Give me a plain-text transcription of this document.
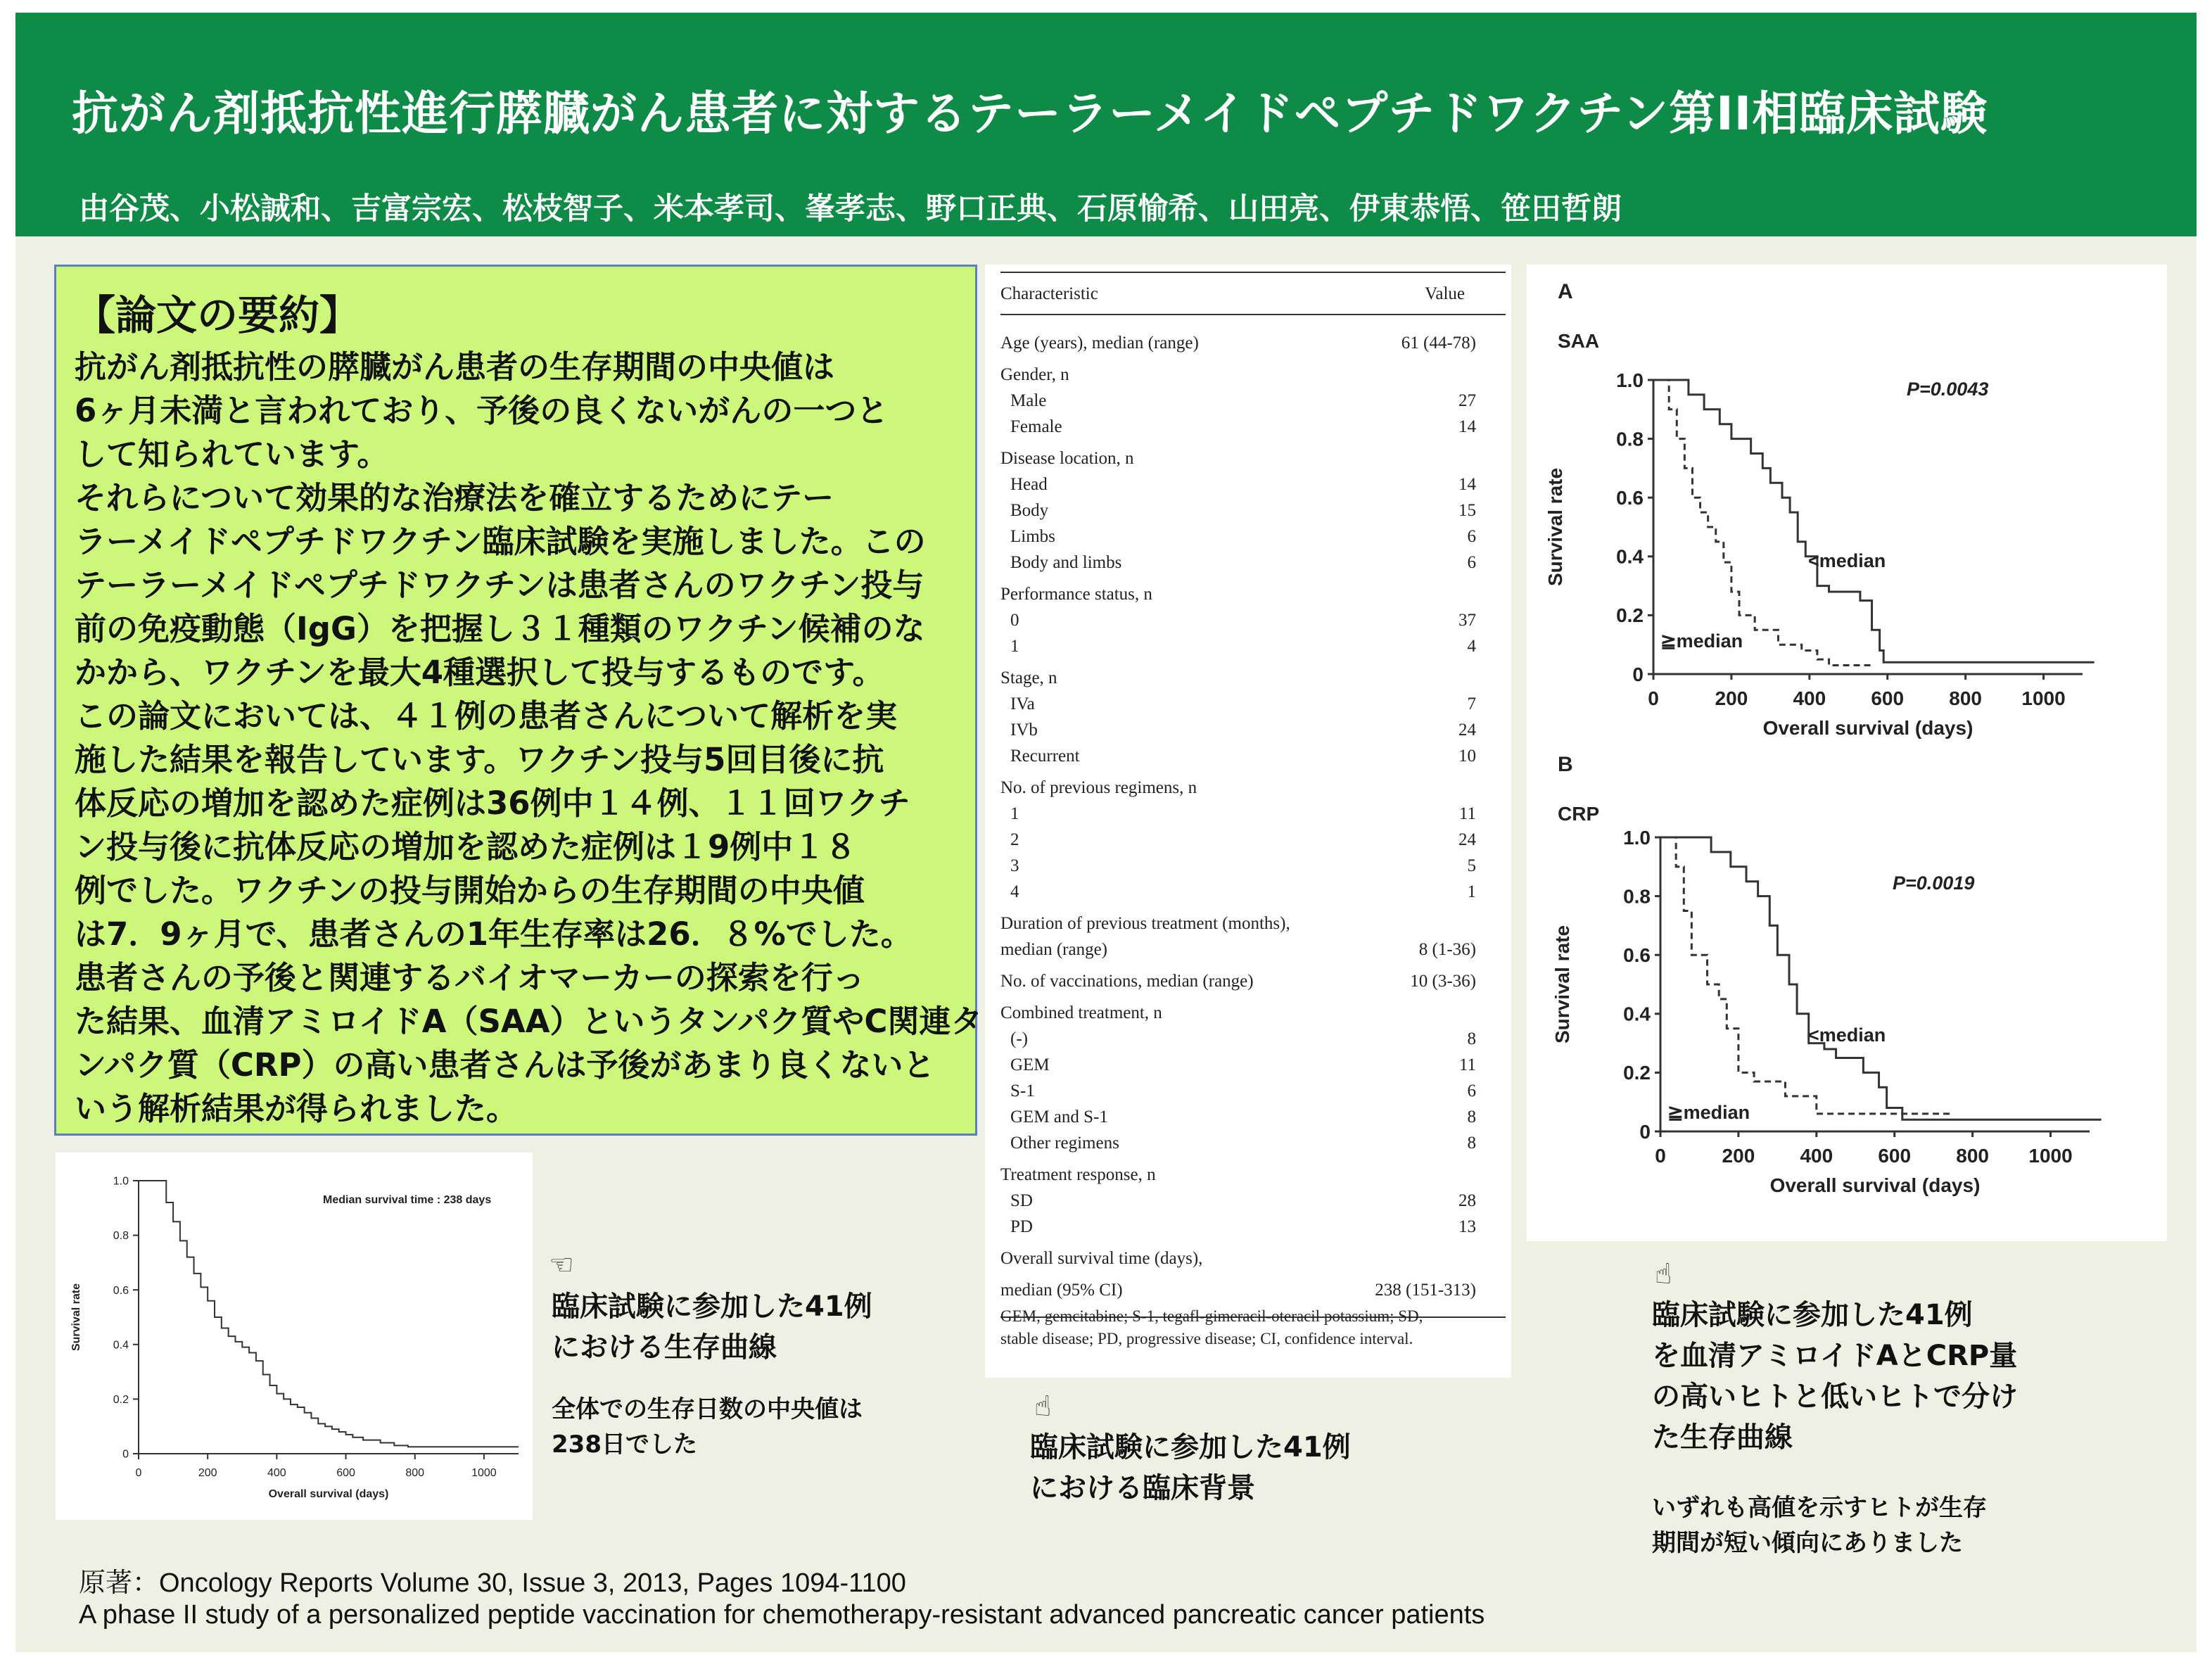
抗がん剤抵抗性進行膵臓がん患者に対するテーラーメイドペプチドワクチン第II相臨床試験
由谷茂、小松誠和、吉富宗宏、松枝智子、米本孝司、峯孝志、野口正典、石原愉希、山田亮、伊東恭悟、笹田哲朗
【論文の要約】
抗がん剤抵抗性の膵臓がん患者の生存期間の中央値は
6ヶ月未満と言われており、予後の良くないがんの一つと
して知られています。
それらについて効果的な治療法を確立するためにテー
ラーメイドペプチドワクチン臨床試験を実施しました。この
テーラーメイドペプチドワクチンは患者さんのワクチン投与
前の免疫動態（IgG）を把握し３１種類のワクチン候補のな
かから、ワクチンを最大4種選択して投与するものです。
この論文においては、４１例の患者さんについて解析を実
施した結果を報告しています。ワクチン投与5回目後に抗
体反応の増加を認めた症例は36例中１４例、１１回ワクチ
ン投与後に抗体反応の増加を認めた症例は１9例中１８
例でした。ワクチンの投与開始からの生存期間の中央値
は7．9ヶ月で、患者さんの1年生存率は26．８%でした。
患者さんの予後と関連するバイオマーカーの探索を行っ
た結果、血清アミロイドA（SAA）というタンパク質やC関連タ
ンパク質（CRP）の高い患者さんは予後があまり良くないと
いう解析結果が得られました。
0	200	400	600	800	1000
0
0.2
0.4
0.6
0.8
1.0
Overall survival (days)
Survival rate
Median survival time : 238 days
Characteristic	Value
Age (years), median (range)	61 (44-78)
Gender, n
Male	27
Female	14
Disease location, n
Head	14
Body	15
Limbs	6
Body and limbs	6
Performance status, n
0	37
1	4
Stage, n
IVa	7
IVb	24
Recurrent	10
No. of previous regimens, n
1	11
2	24
3	5
4	1
Duration of previous treatment (months),
median (range)	8 (1-36)
No. of vaccinations, median (range)	10 (3-36)
Combined treatment, n
(-)	8
GEM	11
S-1	6
GEM and S-1	8
Other regimens	8
Treatment response, n
SD	28
PD	13
Overall survival time (days),
median (95% CI)	238 (151-313)
GEM, gemcitabine; S-1, tegafl-gimeracil-oteracil potassium; SD,
stable disease; PD, progressive disease; CI, confidence interval.
0	200 400 600 800 1000
0
0.2
0.4
0.6
0.8
1.0
Overall survival (days)
Survival rate
P=0.0043
A
SAA
<median
≧median
0	200 400 600 800 1000
0
0.2
0.4
0.6
0.8
1.0
Overall survival (days)
Survival rate
P=0.0019
B
CRP
<median
≧median
☜
臨床試験に参加した41例
における生存曲線
全体での生存日数の中央値は
238日でした
☝
臨床試験に参加した41例
における臨床背景
☝
臨床試験に参加した41例
を血清アミロイドAとCRP量
の高いヒトと低いヒトで分け
た生存曲線
いずれも高値を示すヒトが生存
期間が短い傾向にありました
原著：Oncology Reports Volume 30, Issue 3, 2013, Pages 1094-1100
A phase II study of a personalized peptide vaccination for chemotherapy-resistant advanced pancreatic cancer patients
